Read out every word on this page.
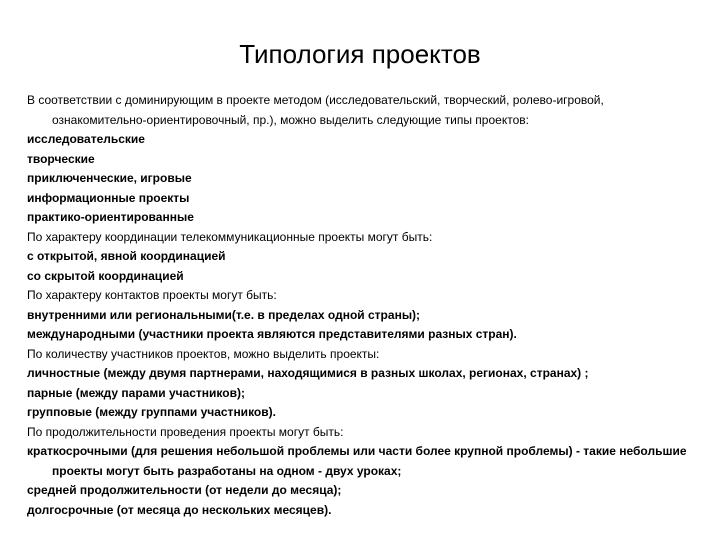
Типология проектов
В соответствии с доминирующим в проекте методом (исследовательский, творческий, ролево-игровой, ознакомительно-ориентировочный, пр.), можно выделить следующие типы проектов:
исследовательские
творческие
приключенческие, игровые
информационные проекты
практико-ориентированные
По характеру координации телекоммуникационные проекты могут быть:
с открытой, явной координацией
со скрытой координацией
По характеру контактов проекты могут быть:
внутренними или региональными(т.е. в пределах одной страны);
международными (участники проекта являются представителями разных стран).
По количеству участников проектов, можно выделить проекты:
личностные (между двумя партнерами, находящимися в разных школах, регионах, странах) ;
парные (между парами участников);
групповые (между группами участников).
По продолжительности проведения проекты могут быть:
краткосрочными (для решения небольшой проблемы или части более крупной проблемы) - такие небольшие проекты могут быть разработаны на одном - двух уроках;
средней продолжительности (от недели до месяца);
долгосрочные (от месяца до нескольких месяцев).
